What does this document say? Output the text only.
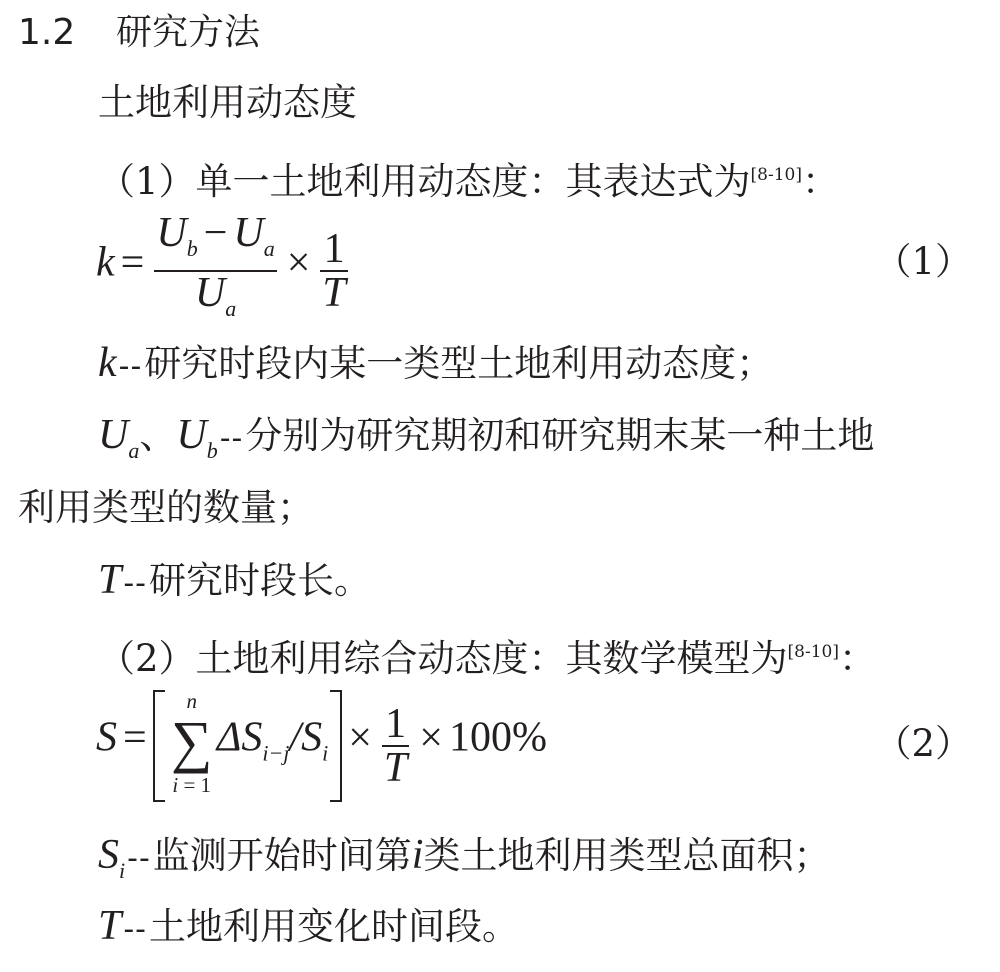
1.2 研究方法
土地利用动态度
（1）单一土地利用动态度：其表达式为[8-10]：
$k = \frac{Ub - Ua}{Ua} \times \frac{1}{T}$	（1）
k--研究时段内某一类型土地利用动态度；
$U_a$、$U_b--$分别为研究期初和研究期末某一种土地
利用类型的数量；
T--研究时段长。
（2）土地利用综合动态度：其数学模型为[8-10]：
S =
n
∑
i = 1
$\Delta Si-j/Si \times \frac{1}{T} \times 100\%$	（2）
$S_i--$监测开始时间第i类土地利用类型总面积；
T--土地利用变化时间段。
